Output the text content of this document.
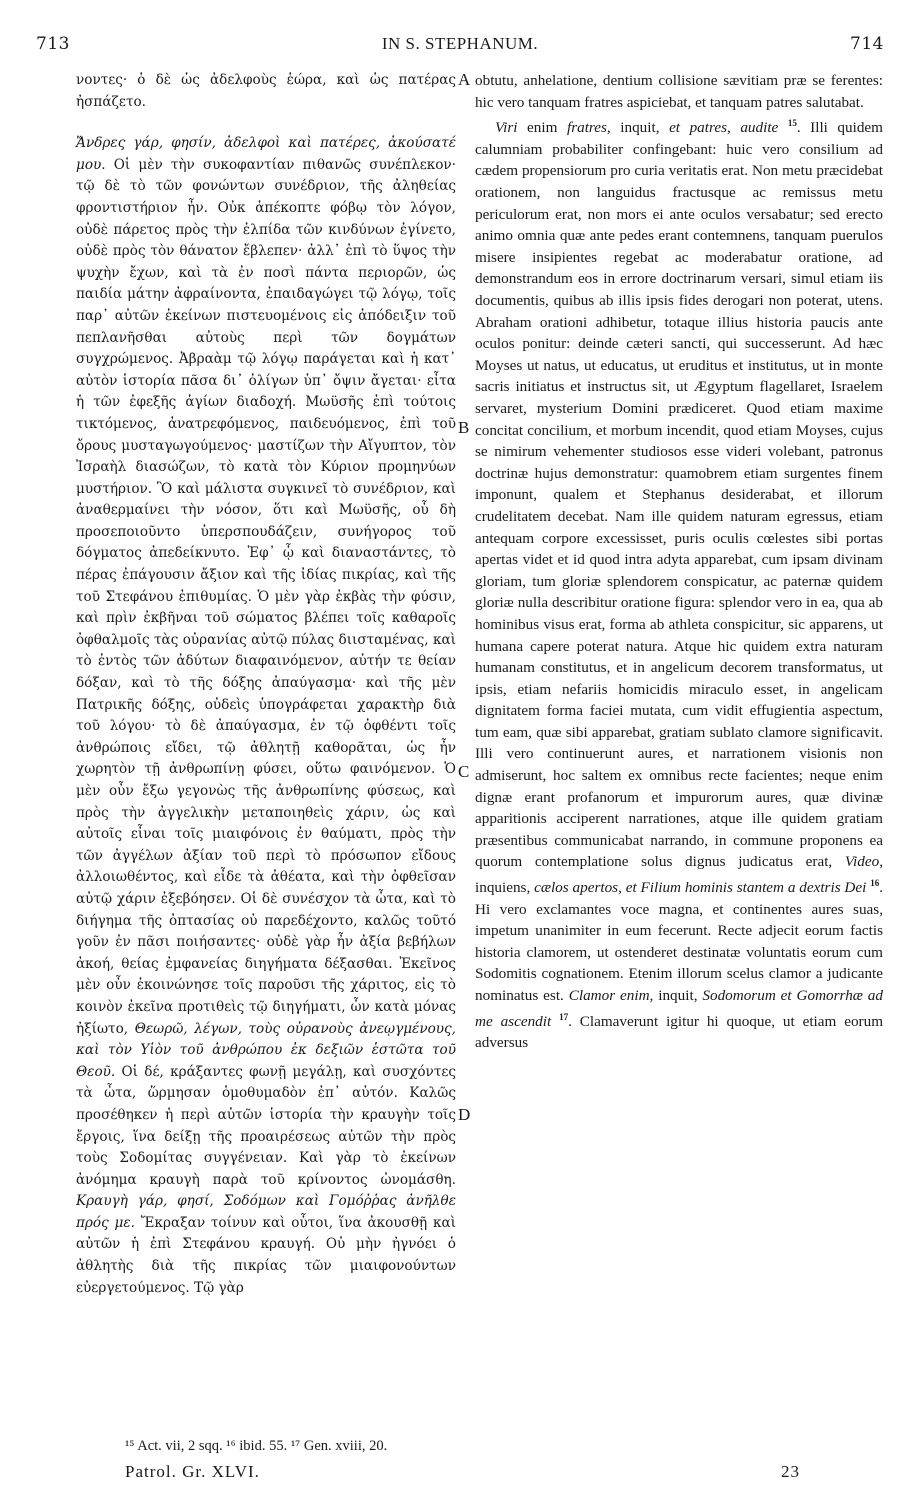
713	IN S. STEPHANUM.	714

νοντες· ὁ δὲ ὡς ἀδελφοὺς ἑώρα, καὶ ὡς πατέρας ἠσπάζετο.

Ἄνδρες γάρ, φησίν, ἀδελφοὶ καὶ πατέρες, ἀκούσατέ μου. Οἱ μὲν τὴν συκοφαντίαν πιθανῶς συνέπλεκον· τῷ δὲ τὸ τῶν φονώντων συνέδριον, τῆς ἀληθείας φροντιστήριον ἦν. Οὐκ ἀπέκοπτε φόβῳ τὸν λόγον, οὐδὲ πάρετος πρὸς τὴν ἐλπίδα τῶν κινδύνων ἐγίνετο, οὐδὲ πρὸς τὸν θάνατον ἔβλεπεν· ἀλλ᾽ ἐπὶ τὸ ὕψος τὴν ψυχὴν ἔχων, καὶ τὰ ἐν ποσὶ πάντα περιορῶν, ὡς παιδία μάτην ἀφραίνοντα, ἐπαιδαγώγει τῷ λόγῳ, τοῖς παρ᾽ αὐτῶν ἐκείνων πιστευομένοις εἰς ἀπόδειξιν τοῦ πεπλανῆσθαι αὐτοὺς περὶ τῶν δογμάτων συγχρώμενος. Ἀβραὰμ τῷ λόγῳ παράγεται καὶ ἡ κατ᾽ αὐτὸν ἱστορία πᾶσα δι᾽ ὀλίγων ὑπ᾽ ὄψιν ἄγεται· εἶτα ἡ τῶν ἐφεξῆς ἁγίων διαδοχή. Μωϋσῆς ἐπὶ τούτοις τικτόμενος, ἀνατρεφόμενος, παιδευόμενος, ἐπὶ τοῦ ὄρους μυσταγωγούμενος· μαστίζων τὴν Αἴγυπτον, τὸν Ἰσραὴλ διασώζων, τὸ κατὰ τὸν Κύριον προμηνύων μυστήριον. Ὃ καὶ μάλιστα συγκινεῖ τὸ συνέδριον, καὶ ἀναθερμαίνει τὴν νόσον, ὅτι καὶ Μωϋσῆς, οὗ δὴ προσεποιοῦντο ὑπερσπουδάζειν, συνήγορος τοῦ δόγματος ἀπεδείκνυτο. Ἐφ᾽ ᾧ καὶ διαναστάντες, τὸ πέρας ἐπάγουσιν ἄξιον καὶ τῆς ἰδίας πικρίας, καὶ τῆς τοῦ Στεφάνου ἐπιθυμίας. Ὁ μὲν γὰρ ἐκβὰς τὴν φύσιν, καὶ πρὶν ἐκβῆναι τοῦ σώματος βλέπει τοῖς καθαροῖς ὀφθαλμοῖς τὰς οὐρανίας αὐτῷ πύλας διισταμένας, καὶ τὸ ἐντὸς τῶν ἀδύτων διαφαινόμενον, αὐτήν τε θείαν δόξαν, καὶ τὸ τῆς δόξης ἀπαύγασμα· καὶ τῆς μὲν Πατρικῆς δόξης, οὐδεὶς ὑπογράφεται χαρακτὴρ διὰ τοῦ λόγου· τὸ δὲ ἀπαύγασμα, ἐν τῷ ὀφθέντι τοῖς ἀνθρώποις εἴδει, τῷ ἀθλητῇ καθορᾶται, ὡς ἦν χωρητὸν τῇ ἀνθρωπίνῃ φύσει, οὕτω φαινόμενον. Ὁ μὲν οὖν ἔξω γεγονὼς τῆς ἀνθρωπίνης φύσεως, καὶ πρὸς τὴν ἀγγελικὴν μεταποιηθεὶς χάριν, ὡς καὶ αὐτοῖς εἶναι τοῖς μιαιφόνοις ἐν θαύματι, πρὸς τὴν τῶν ἀγγέλων ἀξίαν τοῦ περὶ τὸ πρόσωπον εἴδους ἀλλοιωθέντος, καὶ εἶδε τὰ ἀθέατα, καὶ τὴν ὀφθεῖσαν αὐτῷ χάριν ἐξεβόησεν. Οἱ δὲ συνέσχον τὰ ὦτα, καὶ τὸ διήγημα τῆς ὀπτασίας οὐ παρεδέχοντο, καλῶς τοῦτό γοῦν ἐν πᾶσι ποιήσαντες· οὐδὲ γὰρ ἦν ἀξία βεβήλων ἀκοή, θείας ἐμφανείας διηγήματα δέξασθαι. Ἐκεῖνος μὲν οὖν ἐκοινώνησε τοῖς παροῦσι τῆς χάριτος, εἰς τὸ κοινὸν ἐκεῖνα προτιθεὶς τῷ διηγήματι, ὧν κατὰ μόνας ἠξίωτο, Θεωρῶ, λέγων, τοὺς οὐρανοὺς ἀνεῳγμένους, καὶ τὸν Υἱὸν τοῦ ἀνθρώπου ἐκ δεξιῶν ἑστῶτα τοῦ Θεοῦ. Οἱ δέ, κράξαντες φωνῇ μεγάλῃ, καὶ συσχόντες τὰ ὦτα, ὥρμησαν ὁμοθυμαδὸν ἐπ᾽ αὐτόν. Καλῶς προσέθηκεν ἡ περὶ αὐτῶν ἱστορία τὴν κραυγὴν τοῖς ἔργοις, ἵνα δείξῃ τῆς προαιρέσεως αὐτῶν τὴν πρὸς τοὺς Σοδομίτας συγγένειαν. Καὶ γὰρ τὸ ἐκείνων ἀνόμημα κραυγὴ παρὰ τοῦ κρίνοντος ὠνομάσθη. Κραυγὴ γάρ, φησί, Σοδόμων καὶ Γομόῤῥας ἀνῆλθε πρός με. Ἔκραξαν τοίνυν καὶ οὗτοι, ἵνα ἀκουσθῇ καὶ αὐτῶν ἡ ἐπὶ Στεφάνου κραυγή. Οὐ μὴν ἠγνόει ὁ ἀθλητὴς διὰ τῆς πικρίας τῶν μιαιφονούντων εὐεργετούμενος. Τῷ γὰρ

A
B
C
D

obtutu, anhelatione, dentium collisione sævitiam præ se ferentes: hic vero tanquam fratres aspiciebat, et tanquam patres salutabat.

Viri enim fratres, inquit, et patres, audite $^{15}$. Illi quidem calumniam probabiliter confingebant: huic vero consilium ad cædem propensiorum pro curia veritatis erat. Non metu præcidebat orationem, non languidus fractusque ac remissus metu periculorum erat, non mors ei ante oculos versabatur; sed erecto animo omnia quæ ante pedes erant contemnens, tanquam puerulos misere insipientes regebat ac moderabatur oratione, ad demonstrandum eos in errore doctrinarum versari, simul etiam iis documentis, quibus ab illis ipsis fides derogari non poterat, utens. Abraham orationi adhibetur, totaque illius historia paucis ante oculos ponitur: deinde cæteri sancti, qui successerunt. Ad hæc Moyses ut natus, ut educatus, ut eruditus et institutus, ut in monte sacris initiatus et instructus sit, ut Ægyptum flagellaret, Israelem servaret, mysterium Domini prædiceret. Quod etiam maxime concitat concilium, et morbum incendit, quod etiam Moyses, cujus se nimirum vehementer studiosos esse videri volebant, patronus doctrinæ hujus demonstratur: quamobrem etiam surgentes finem imponunt, qualem et Stephanus desiderabat, et illorum crudelitatem decebat. Nam ille quidem naturam egressus, etiam antequam corpore excessisset, puris oculis cœlestes sibi portas apertas videt et id quod intra adyta apparebat, cum ipsam divinam gloriam, tum gloriæ splendorem conspicatur, ac paternæ quidem gloriæ nulla describitur oratione figura: splendor vero in ea, qua ab hominibus visus erat, forma ab athleta conspicitur, sic apparens, ut humana capere poterat natura. Atque hic quidem extra naturam humanam constitutus, et in angelicum decorem transformatus, ut ipsis, etiam nefariis homicidis miraculo esset, in angelicam dignitatem forma faciei mutata, cum vidit effugientia aspectum, tum eam, quæ sibi apparebat, gratiam sublato clamore significavit. Illi vero continuerunt aures, et narrationem visionis non admiserunt, hoc saltem ex omnibus recte facientes; neque enim dignæ erant profanorum et impurorum aures, quæ divinæ apparitionis acciperent narrationes, atque ille quidem gratiam præsentibus communicabat narrando, in commune proponens ea quorum contemplatione solus dignus judicatus erat, Video, inquiens, cælos apertos, et Filium hominis stantem a dextris Dei $^{16}$. Hi vero exclamantes voce magna, et continentes aures suas, impetum unanimiter in eum fecerunt. Recte adjecit eorum factis historia clamorem, ut ostenderet destinatæ voluntatis eorum cum Sodomitis cognationem. Etenim illorum scelus clamor a judicante nominatus est. Clamor enim, inquit, Sodomorum et Gomorrhæ ad me ascendit $^{17}$. Clamaverunt igitur hi quoque, ut etiam eorum adversus

¹⁵ Act. vii, 2 sqq. ¹⁶ ibid. 55. ¹⁷ Gen. xviii, 20.
Patrol. Gr. XLVI.	23
